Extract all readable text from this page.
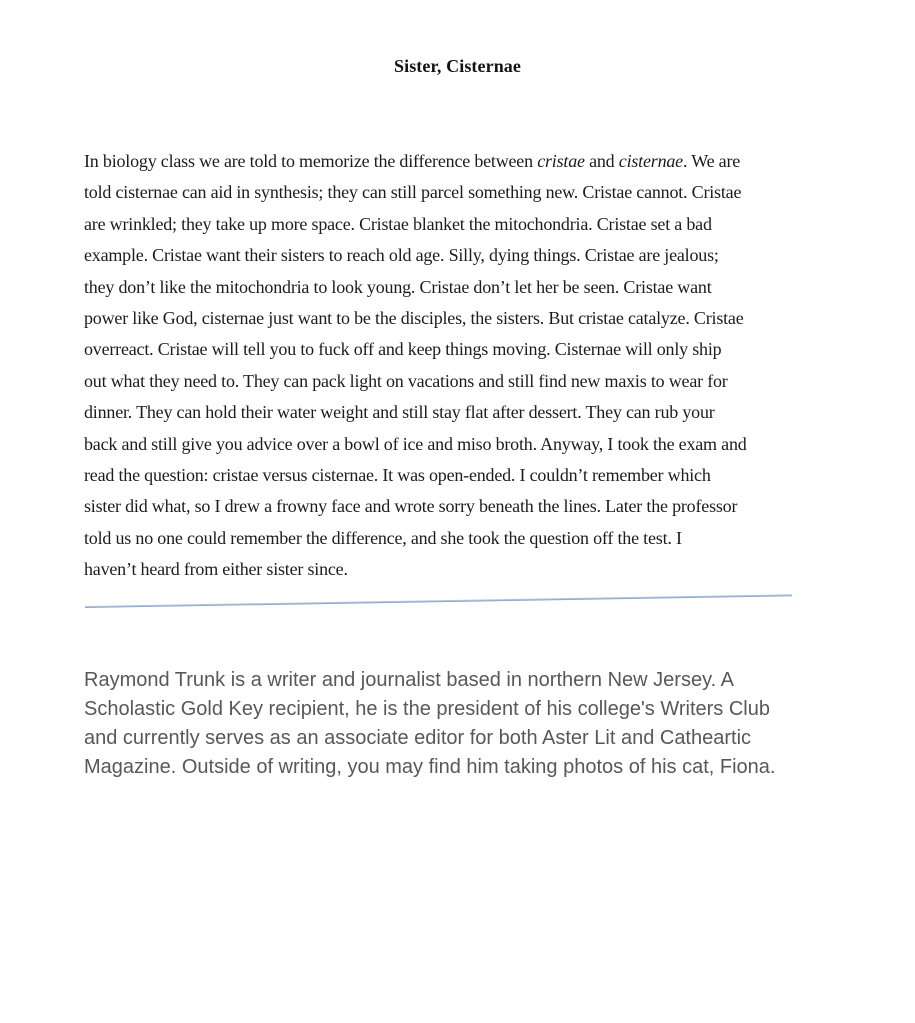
Sister, Cisternae
In biology class we are told to memorize the difference between cristae and cisternae. We are
told cisternae can aid in synthesis; they can still parcel something new. Cristae cannot. Cristae
are wrinkled; they take up more space. Cristae blanket the mitochondria. Cristae set a bad
example. Cristae want their sisters to reach old age. Silly, dying things. Cristae are jealous;
they don’t like the mitochondria to look young. Cristae don’t let her be seen. Cristae want
power like God, cisternae just want to be the disciples, the sisters. But cristae catalyze. Cristae
overreact. Cristae will tell you to fuck off and keep things moving. Cisternae will only ship
out what they need to. They can pack light on vacations and still find new maxis to wear for
dinner. They can hold their water weight and still stay flat after dessert. They can rub your
back and still give you advice over a bowl of ice and miso broth. Anyway, I took the exam and
read the question: cristae versus cisternae. It was open-ended. I couldn’t remember which
sister did what, so I drew a frowny face and wrote sorry beneath the lines. Later the professor
told us no one could remember the difference, and she took the question off the test. I
haven’t heard from either sister since.
Raymond Trunk is a writer and journalist based in northern New Jersey. A
Scholastic Gold Key recipient, he is the president of his college's Writers Club
and currently serves as an associate editor for both Aster Lit and Catheartic
Magazine. Outside of writing, you may find him taking photos of his cat, Fiona.
